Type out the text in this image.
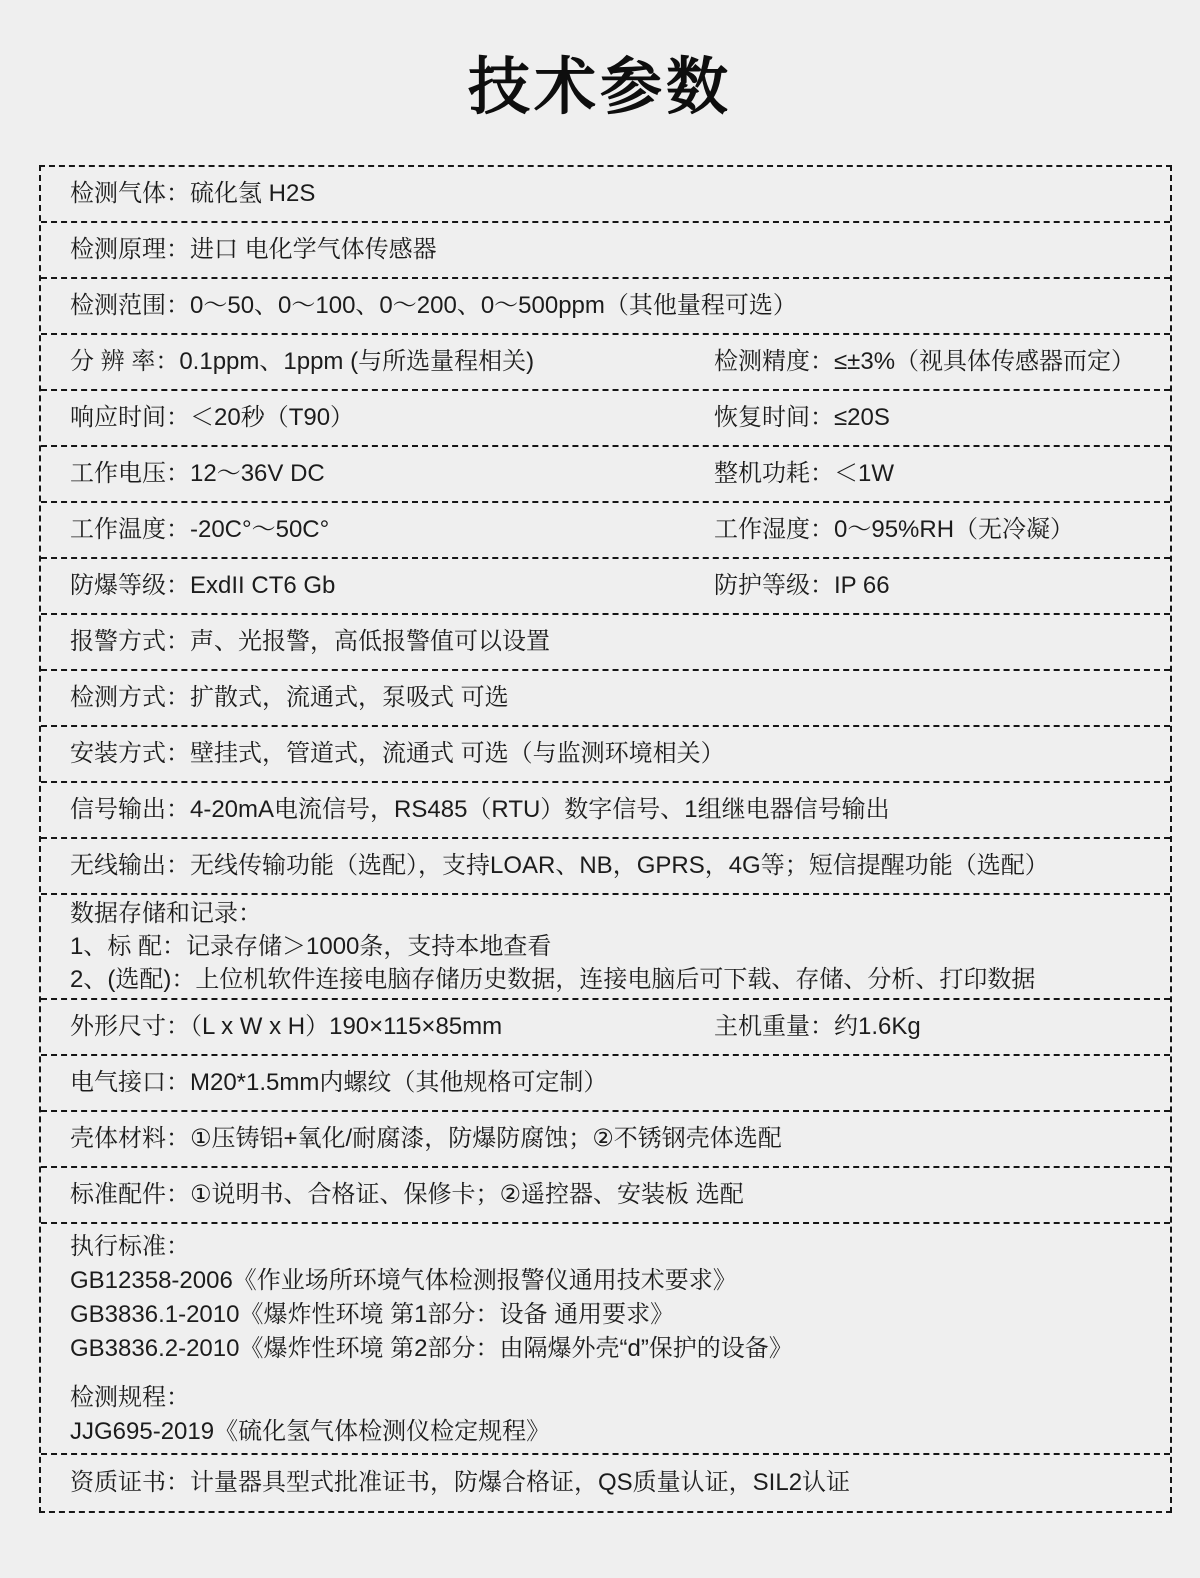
技术参数
检测气体：硫化氢 H2S
检测原理：进口 电化学气体传感器
检测范围：0～50、0～100、0～200、0～500ppm（其他量程可选）
分 辨 率：0.1ppm、1ppm (与所选量程相关)	检测精度：≤±3%（视具体传感器而定）
响应时间：＜20秒（T90）	恢复时间：≤20S
工作电压：12～36V DC	整机功耗：＜1W
工作温度：-20C°～50C°	工作湿度：0～95%RH（无冷凝）
防爆等级：ExdII CT6 Gb	防护等级：IP 66
报警方式：声、光报警，高低报警值可以设置
检测方式：扩散式，流通式，泵吸式 可选
安装方式：壁挂式，管道式，流通式 可选（与监测环境相关）
信号输出：4-20mA电流信号，RS485（RTU）数字信号、1组继电器信号输出
无线输出：无线传输功能（选配），支持LOAR、NB，GPRS，4G等；短信提醒功能（选配）
数据存储和记录：
1、标 配：记录存储＞1000条，支持本地查看
2、(选配)：上位机软件连接电脑存储历史数据，连接电脑后可下载、存储、分析、打印数据
外形尺寸：（L x W x H）190×115×85mm	主机重量：约1.6Kg
电气接口：M20*1.5mm内螺纹（其他规格可定制）
壳体材料：①压铸铝+氧化/耐腐漆，防爆防腐蚀；②不锈钢壳体选配
标准配件：①说明书、合格证、保修卡；②遥控器、安装板 选配
执行标准：
GB12358-2006《作业场所环境气体检测报警仪通用技术要求》
GB3836.1-2010《爆炸性环境 第1部分：设备 通用要求》
GB3836.2-2010《爆炸性环境 第2部分：由隔爆外壳“d”保护的设备》
检测规程：
JJG695-2019《硫化氢气体检测仪检定规程》
资质证书：计量器具型式批准证书，防爆合格证，QS质量认证，SIL2认证
